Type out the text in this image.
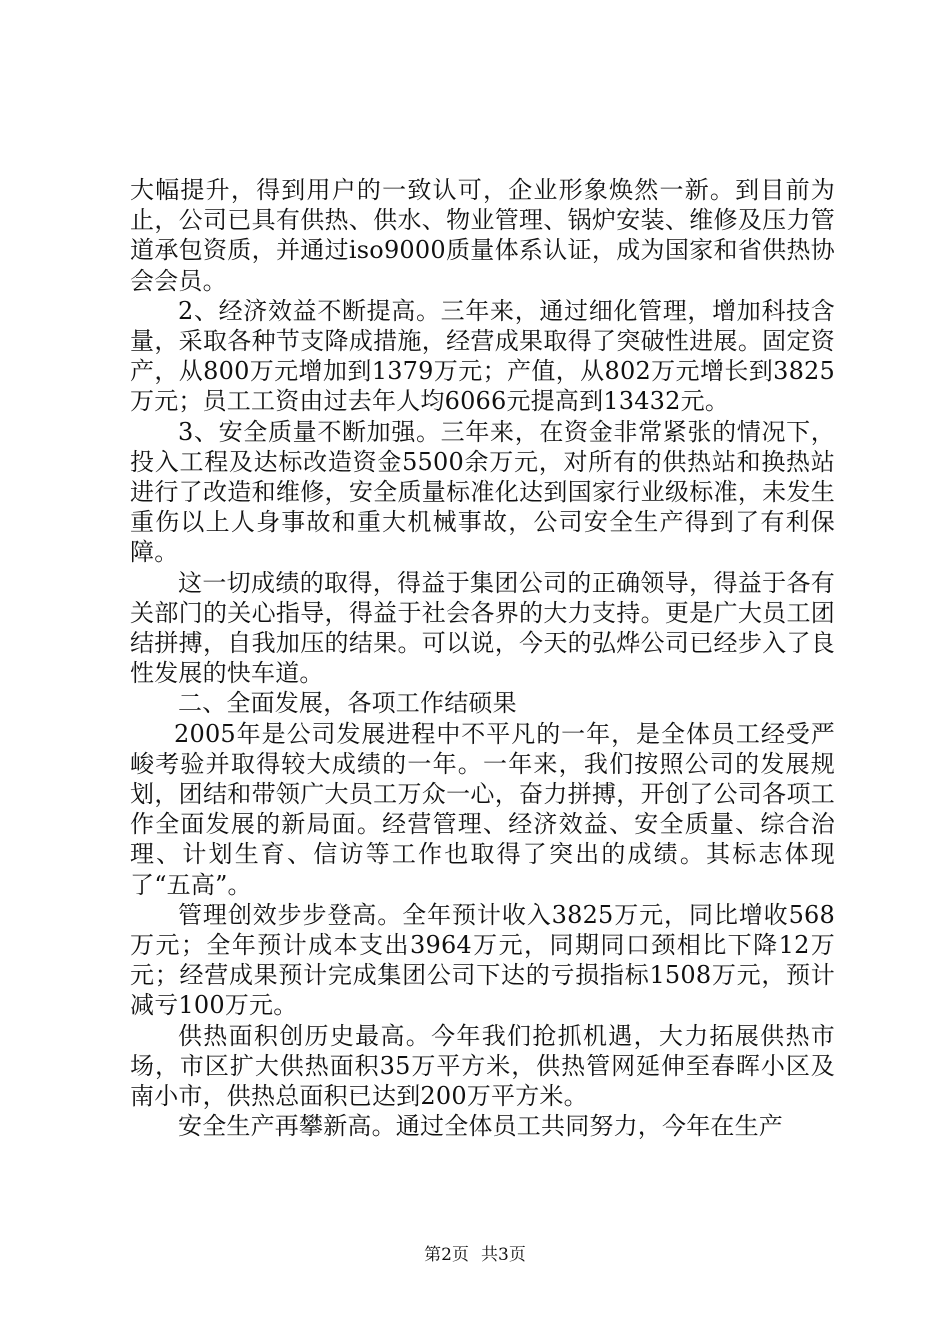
大幅提升，得到用户的一致认可，企业形象焕然一新。到目前为止，公司已具有供热、供水、物业管理、锅炉安装、维修及压力管道承包资质，并通过iso9000质量体系认证，成为国家和省供热协会会员。

2、经济效益不断提高。三年来，通过细化管理，增加科技含量，采取各种节支降成措施，经营成果取得了突破性进展。固定资产，从800万元增加到1379万元；产值，从802万元增长到3825万元；员工工资由过去年人均6066元提高到13432元。

3、安全质量不断加强。三年来，在资金非常紧张的情况下，投入工程及达标改造资金5500余万元，对所有的供热站和换热站进行了改造和维修，安全质量标准化达到国家行业级标准，未发生重伤以上人身事故和重大机械事故，公司安全生产得到了有利保障。

这一切成绩的取得，得益于集团公司的正确领导，得益于各有关部门的关心指导，得益于社会各界的大力支持。更是广大员工团结拼搏，自我加压的结果。可以说，今天的弘烨公司已经步入了良性发展的快车道。

二、全面发展，各项工作结硕果

2005年是公司发展进程中不平凡的一年，是全体员工经受严峻考验并取得较大成绩的一年。一年来，我们按照公司的发展规划，团结和带领广大员工万众一心，奋力拼搏，开创了公司各项工作全面发展的新局面。经营管理、经济效益、安全质量、综合治理、计划生育、信访等工作也取得了突出的成绩。其标志体现了“五高”。

管理创效步步登高。全年预计收入3825万元，同比增收568万元；全年预计成本支出3964万元，同期同口颈相比下降12万元；经营成果预计完成集团公司下达的亏损指标1508万元，预计减亏100万元。

供热面积创历史最高。今年我们抢抓机遇，大力拓展供热市场，市区扩大供热面积35万平方米，供热管网延伸至春晖小区及南小市，供热总面积已达到200万平方米。

安全生产再攀新高。通过全体员工共同努力，今年在生产

第2页 共3页
